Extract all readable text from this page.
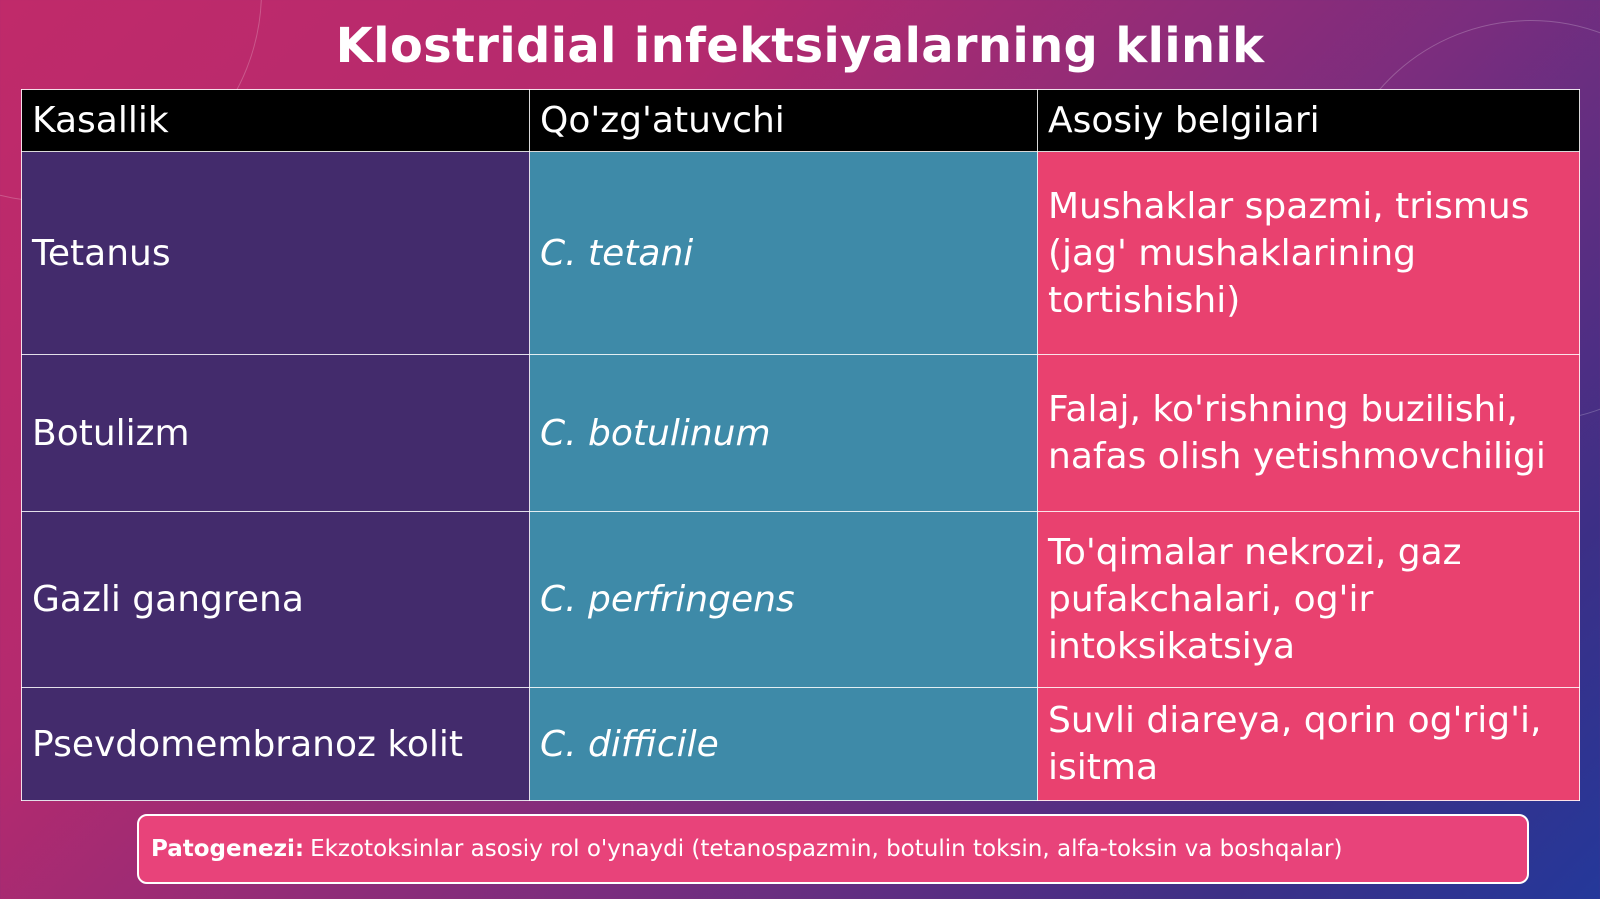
Klostridial infektsiyalarning klinik
Kasallik	Qo'zg'atuvchi	Asosiy belgilari
Tetanus	C. tetani	Mushaklar spazmi, trismus (jag' mushaklarining tortishishi)
Botulizm	C. botulinum	Falaj, ko'rishning buzilishi, nafas olish yetishmovchiligi
Gazli gangrena	C. perfringens	To'qimalar nekrozi, gaz pufakchalari, og'ir intoksikatsiya
Psevdomembranoz kolit	C. difficile	Suvli diareya, qorin og'rig'i, isitma
Patogenezi: Ekzotoksinlar asosiy rol o'ynaydi (tetanospazmin, botulin toksin, alfa-toksin va boshqalar)
